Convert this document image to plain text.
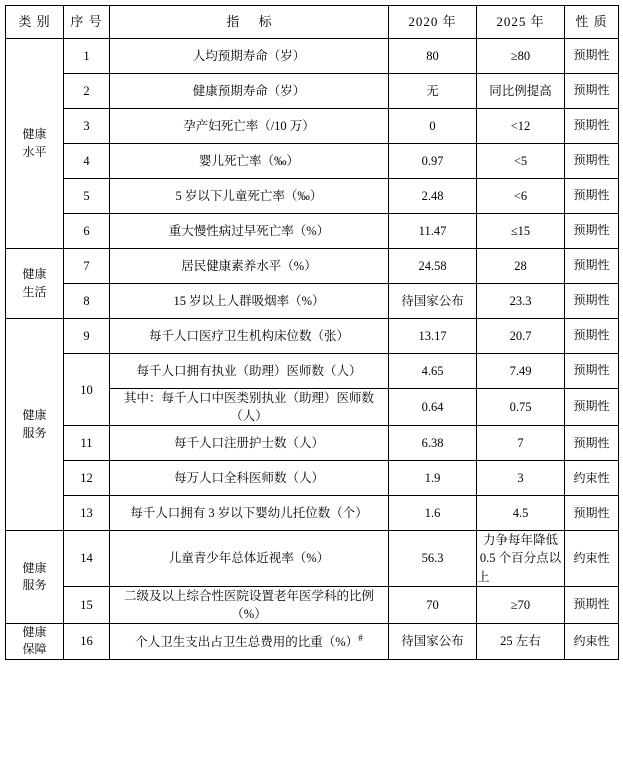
类 别	序 号	指 标	2020 年	2025 年	性 质
健康
水平	1	人均预期寿命（岁）	80	≥80	预期性
	2	健康预期寿命（岁）	无	同比例提高	预期性
	3	孕产妇死亡率（/10 万）	0	<12	预期性
	4	婴儿死亡率（‰）	0.97	<5	预期性
	5	5 岁以下儿童死亡率（‰）	2.48	<6	预期性
	6	重大慢性病过早死亡率（%）	11.47	≤15	预期性
健康
生活	7	居民健康素养水平（%）	24.58	28	预期性
	8	15 岁以上人群吸烟率（%）	待国家公布	23.3	预期性
健康
服务	9	每千人口医疗卫生机构床位数（张）	13.17	20.7	预期性
	10	每千人口拥有执业（助理）医师数（人）	4.65	7.49	预期性
		其中：每千人口中医类别执业（助理）医师数（人）	0.64	0.75	预期性
	11	每千人口注册护士数（人）	6.38	7	预期性
	12	每万人口全科医师数（人）	1.9	3	约束性
	13	每千人口拥有 3 岁以下婴幼儿托位数（个）	1.6	4.5	预期性
健康
服务	14	儿童青少年总体近视率（%）	56.3	力争每年降低 0.5 个百分点以上	约束性
	15	二级及以上综合性医院设置老年医学科的比例（%）	70	≥70	预期性
健康
保障	16	个人卫生支出占卫生总费用的比重（%）#	待国家公布	25 左右	约束性
